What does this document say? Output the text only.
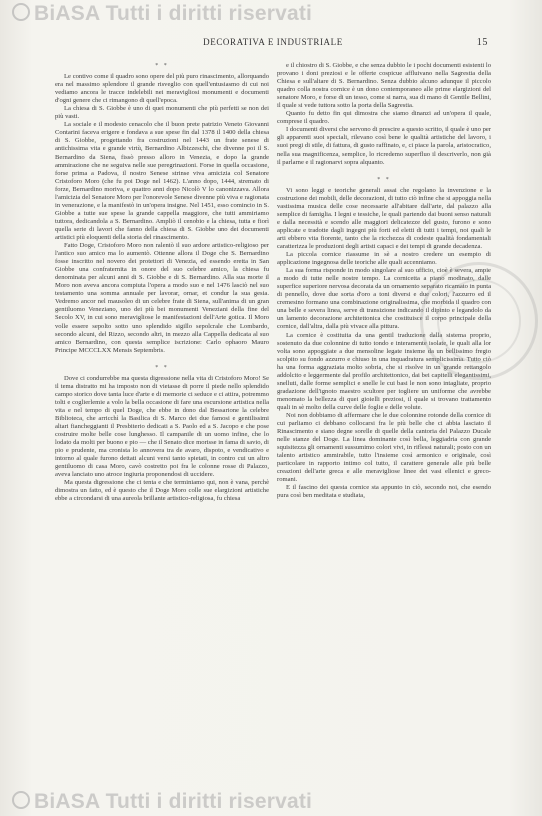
BiASA Tutti i diritti riservati
DECORATIVA E INDUSTRIALE	15
* *

Le contivo come il quadro sono opere del più puro rinascimento, allorquando era nel massimo splendore il grande risveglio con quell'entusiasmo di cui noi vediamo ancora le tracce indelebili nei meravigliosi monumenti e documenti d'ogni genere che ci rimangono di quell'epoca.

La chiesa di S. Giobbe è uno di quei monumenti che più perfetti se non dei più vasti.

La sociale e il modesto cenacolo che il buon prete patrizio Veneto Giovanni Contarini faceva erigere e fondava a sue spese fin dal 1378 il 1400 della chiesa di S. Giobbe, progettando fra costruzioni nel 1443 un frate senese di antichissima vita e grande virtù, Bernardino Albizzeschi, che divenne poi il S. Bernardino da Siena, fissò presso alloro in Venezia, e dopo la grande ammirazione che ne seguiva nelle sue peregrinazioni. Forse in quella occasione, forse prima a Padova, il nostro Senese strinse viva amicizia col Senatore Cristoforo Moro (che fu poi Doge nel 1462). L'anno dopo, 1444, stremato di forze, Bernardino moriva, e quattro anni dopo Nicolò V lo canonizzava. Allora l'amicizia del Senatore Moro per l'onorevole Senese divenne più viva e ragionata in venerazione, e la manifestò in un'opera insigne. Nel 1451, esso comincio in S. Giobbe a tutte sue spese la grande cappella maggiore, che tutti ammiriamo tuttora, dedicandola a S. Bernardino. Ampliò il cenobio e la chiesa, tutta e fiorì quella serie di lavori che fanno della chiesa di S. Giobbe uno dei documenti artistici più eloquenti della storia del rinascimento.

Fatto Doge, Cristoforo Moro non ralentò il suo ardore artistico-religioso per l'antico suo amico ma lo aumentò. Ottenne allora il Doge che S. Bernardino fosse inscritto nel novero dei protettori di Venezia, ed essendo eretta in San Giobbe una confraternita in onore del suo celebre amico, la chiesa fu denominata per alcuni anni di S. Giobbe e di S. Bernardino. Alla sua morte il Moro non aveva ancora compiuta l'opera a modo suo e nel 1476 lasciò nel suo testamento una somma annuale per lavorar, ornar, et condur la sua gesia. Vedremo ancor nel mausoleo di un celebre frate di Siena, sull'anima di un gran gentiluomo Veneziano, uno dei più bei monumenti Veneziani della fine del Secolo XV, in cui sono meravigliose le manifestazioni dell'Arte gotica. Il Moro volle essere sepolto sotto uno splendido sigillo sepolcrale che Lombardo, secondo alcuni, del Rizzo, secondo altri, in mezzo alla Cappella dedicata al suo amico Bernardino, con questa semplice iscrizione: Carlo ophaoro Mauro Principe MCCCLXX Mensis Septembris.

* *

Dove ci condurrebbe ma questa digressione nella vita di Cristoforo Moro! Se il tema distratto mi ha imposto non di vietasse di porre il piede nello splendido campo storico dove tanta luce d'arte e di memorie ci seduce e ci attira, potremmo tolti e coglierlemie a volo la bella occasione di fare una escursione artistica nella vita e nel tempo di quel Doge, che ebbe in dono dal Bessarione la celebre Biblioteca, che arricchì la Basilica di S. Marco dei due famosi e gentilissimi altari fiancheggianti il Presbiterio dedicati a S. Paolo ed a S. Jacopo e che pose costruire molte belle cose lunghesso. Il campanile di un uomo infine, che lo lodato da molti per buono e pio — che il Senato dice morisse in fama di savio, di pio e prudente, ma cronista lo annovera tra de avaro, dispoto, e vendicativo e intorno al quale furono dettati alcuni versi tanto spietati, in contro cui un altro gentiluomo di casa Moro, cavò costretto poi fra le colonne rosse di Palazzo, aveva lanciato uno atroce ingiuria proponendosi di uccidere.

Ma questa digressione che ci tenta e che terminiamo qui, non è vana, perchè dimostra un fatto, ed è questo che il Doge Moro colle sue elargizioni artistiche ebbe a circondarsi di una aureola brillante artistico-religiosa, fu chiesa

e il chiostro di S. Giobbe, e che senza dubbio le i pochi documenti esistenti lo provano i doni preziosi e le offerte cospicue affluivano nella Sagrestia della Chiesa e sull'altare di S. Bernardino. Senza dubbio alcuno adunque il piccolo quadro colla nostra cornice è un dono contemporaneo alle prime elargizioni del senatore Moro, e forse di un tesso, come si narra, sua di mano di Gentile Bellini, il quale si vede tuttora sotto la porta della Sagrestia.

Quanto fu detto fin qui dimostra che siamo dinanzi ad un'opera il quale, comprese il quadro.

I documenti diversi che servono di prescire a questo scritto, il quale è uno per gli apparenti suoi speciali, rilevano così bene le qualità artistiche del lavoro, i suoi pregi di stile, di fattura, di gusto raffinato, e, ci piace la parola, aristocratico, nella sua magnificenza, semplice, lo ricredemo superfluo il descriverlo, non già il parlarne e il ragionarvi sopra alquanto.

* *

Vi sono leggi e teoriche generali assai che regolano la invenzione e la costruzione dei mobili, delle decorazioni, di tutto ciò infine che si appoggia nella vastissima musica delle cose necessarie all'abitare dall'arte, dal palazzo alla semplice di famiglia. I legni e tessiche, le quali partendo dai buoni senso naturali e dalla necessità e scendo alle maggiori delicatezze del gusto, furono e sono applicate e tradotte dagli ingegni più forti ed eletti di tutti i tempi, noi quali le arti ebbero vita fiorente, tanto che la ricchezza di codeste qualità fondamentali caratterizza le produzioni degli artisti capaci e dei tempi di grande decadenza.

La piccola cornice riassume in sè a nostro credere un esempio di applicazione ingegnosa delle teoriche alle quali accenniamo.

La sua forma risponde in modo singolare al suo ufficio, cioè è severa, ampie a modo di tutte nelle nostre tempo. La cornicetta a piano modinato, dalle superfice superiore nervosa decorata da un ornamento separato ricamato in punta di pennello, dove due sorta d'oro a toni diversi e due colori, l'azzurro ed il cremesino formano una combinazione originalissima, che morbida il quadro con una belle e severa linea, serve di transizione indicando il dipinto e legandolo da un lamento decorazione architettonica che costituisce il corpo principale della cornice, dall'altra, dalla più vivace alla pittura.

La cornice è costituita da una gentil traduzione dalla sistema proprio, sostenuto da due colonnine di tutto tondo e interamente isolate, le quali alla lor volta sono appoggiate a due mensoline legate insieme da un bellissimo fregio scolpito su fondo azzurro e chiuso in una inquadratura semplicissima. Tutto ciò ha una forma aggraziata molto sobria, che si risolve in un grande rettangolo addolcito e leggermente dal profilo architettonico, dai bei capitelli elegantissimi, snelluti, dalle forme semplici e snelle le cui basi le non sono intagliate, proprio gradazione dell'ignoto maestro scultore per togliere un uniforme che avrebbe menomato la bellezza di quei gioielli preziosi, il quale si trovano trattamento quali in sè molto della curve delle foglie e delle volute.

Noi non dobbiamo di affermare che le due colonnine rotonde della cornice di cui parliamo ci debbano collocarsi fra le più belle che ci abbia lasciato il Rinascimento e siano degne sorelle di quelle della cantoria del Palazzo Ducale nelle stanze del Doge. La linea dominante così bella, leggiadria con grande squisitezza gli ornamenti sussumimo colori vivi, in riflessi naturali; posto con un talento artistico ammirabile, tutto l'insieme così armonico e originale, così particolare in rapporto intimo col tutto, il carattere generale alle più belle creazioni dell'arte greca e alle meravigliose linee dei vasi ellenici e greco-romani.

E il fascino dei questa cornice sta appunto in ciò, secondo noi, che esendo pura così ben meditata e studiata,

BiASA Tutti i diritti riservati
